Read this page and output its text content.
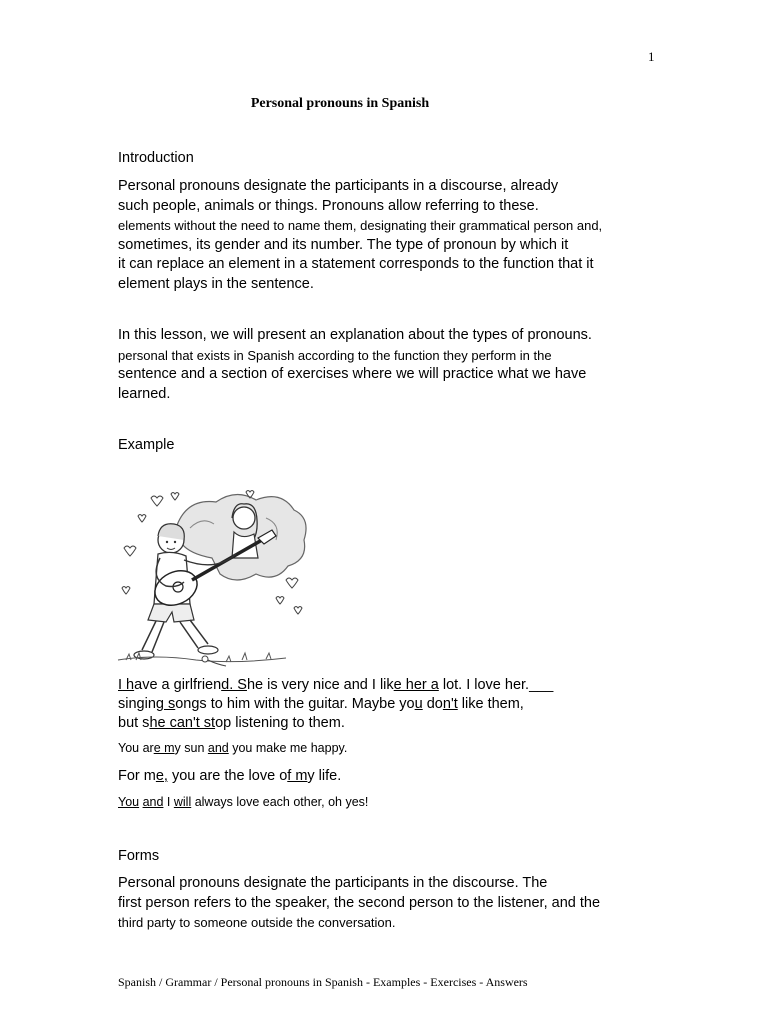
1
Personal pronouns in Spanish
Introduction
Personal pronouns designate the participants in a discourse, already
such people, animals or things. Pronouns allow referring to these.
elements without the need to name them, designating their grammatical person and,
sometimes, its gender and its number. The type of pronoun by which it
it can replace an element in a statement corresponds to the function that it
element plays in the sentence.
In this lesson, we will present an explanation about the types of pronouns.
personal that exists in Spanish according to the function they perform in the
sentence and a section of exercises where we will practice what we have
learned.
Example
I have a girlfriend. She is very nice and I like her a lot. I love her.___
singing songs to him with the guitar. Maybe you don't like them,
but she can't stop listening to them.
You are my sun and you make me happy.
For me, you are the love of my life.
You and I will always love each other, oh yes!
Forms
Personal pronouns designate the participants in the discourse. The
first person refers to the speaker, the second person to the listener, and the
third party to someone outside the conversation.
Spanish / Grammar / Personal pronouns in Spanish - Examples - Exercises - Answers
